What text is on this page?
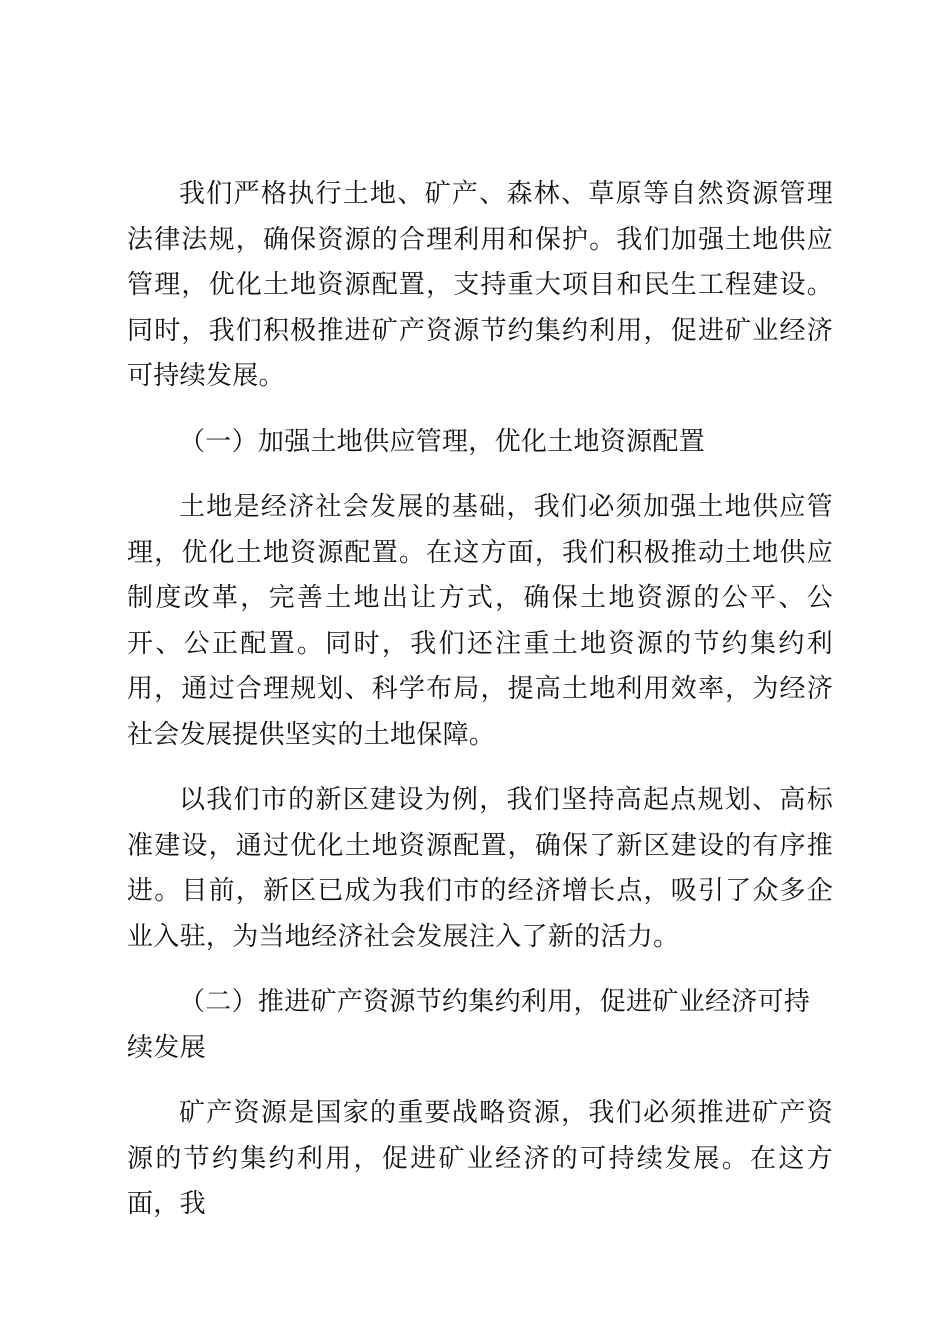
我们严格执行土地、矿产、森林、草原等自然资源管理法律法规，确保资源的合理利用和保护。我们加强土地供应管理，优化土地资源配置，支持重大项目和民生工程建设。同时，我们积极推进矿产资源节约集约利用，促进矿业经济可持续发展。

（一）加强土地供应管理，优化土地资源配置

土地是经济社会发展的基础，我们必须加强土地供应管理，优化土地资源配置。在这方面，我们积极推动土地供应制度改革，完善土地出让方式，确保土地资源的公平、公开、公正配置。同时，我们还注重土地资源的节约集约利用，通过合理规划、科学布局，提高土地利用效率，为经济社会发展提供坚实的土地保障。

以我们市的新区建设为例，我们坚持高起点规划、高标准建设，通过优化土地资源配置，确保了新区建设的有序推进。目前，新区已成为我们市的经济增长点，吸引了众多企业入驻，为当地经济社会发展注入了新的活力。

（二）推进矿产资源节约集约利用，促进矿业经济可持续发展

矿产资源是国家的重要战略资源，我们必须推进矿产资源的节约集约利用，促进矿业经济的可持续发展。在这方面，我
